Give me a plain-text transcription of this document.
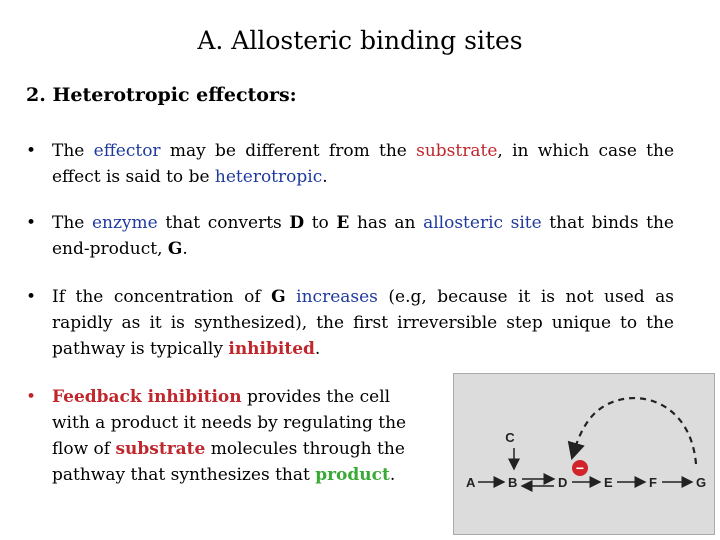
A. Allosteric binding sites
2. Heterotropic effectors:
• The effector may be different from the substrate, in which case the effect is said to be heterotropic.
• The enzyme that converts D to E has an allosteric site that binds the end-product, G.
• If the concentration of G increases (e.g, because it is not used as rapidly as it is synthesized), the first irreversible step unique to the pathway is typically inhibited.
• Feedback inhibition provides the cell with a product it needs by regulating the flow of substrate molecules through the pathway that synthesizes that product.
C
A	B	D	E	F	G
−
